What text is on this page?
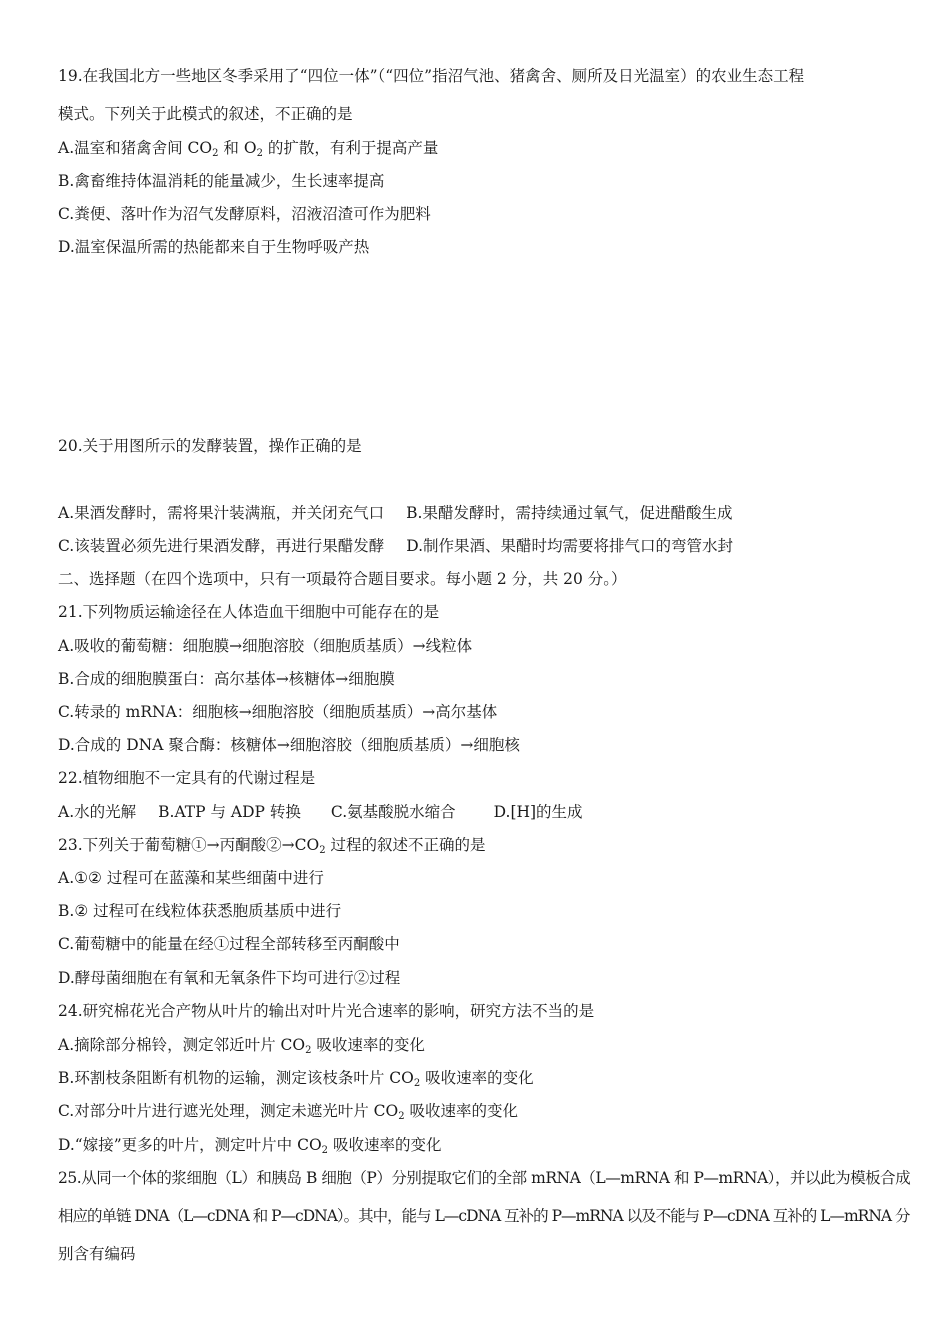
19.在我国北方一些地区冬季采用了“四位一体”（“四位”指沼气池、猪禽舍、厕所及日光温室）的农业生态工程
模式。下列关于此模式的叙述，不正确的是
A.温室和猪禽舍间 $CO_2$ 和 $O_2$ 的扩散，有利于提高产量
B.禽畜维持体温消耗的能量减少，生长速率提高
C.粪便、落叶作为沼气发酵原料，沼液沼渣可作为肥料
D.温室保温所需的热能都来自于生物呼吸产热
20.关于用图所示的发酵装置，操作正确的是
A.果酒发酵时，需将果汁装满瓶，并关闭充气口 B.果醋发酵时，需持续通过氧气，促进醋酸生成
C.该装置必须先进行果酒发酵，再进行果醋发酵 D.制作果酒、果醋时均需要将排气口的弯管水封
二、选择题（在四个选项中，只有一项最符合题目要求。每小题 2 分，共 20 分。）
21.下列物质运输途径在人体造血干细胞中可能存在的是
A.吸收的葡萄糖：细胞膜→细胞溶胶（细胞质基质）→线粒体
B.合成的细胞膜蛋白：高尔基体→核糖体→细胞膜
C.转录的 mRNA：细胞核→细胞溶胶（细胞质基质）→高尔基体
D.合成的 DNA 聚合酶：核糖体→细胞溶胶（细胞质基质）→细胞核
22.植物细胞不一定具有的代谢过程是
A.水的光解 B.ATP 与 ADP 转换 C.氨基酸脱水缩合 D.[H]的生成
23.下列关于葡萄糖①→丙酮酸$②\to CO_2$ 过程的叙述不正确的是
A.①② 过程可在蓝藻和某些细菌中进行
B.② 过程可在线粒体获悉胞质基质中进行
C.葡萄糖中的能量在经①过程全部转移至丙酮酸中
D.酵母菌细胞在有氧和无氧条件下均可进行②过程
24.研究棉花光合产物从叶片的输出对叶片光合速率的影响，研究方法不当的是
A.摘除部分棉铃，测定邻近叶片 $CO_2$ 吸收速率的变化
B.环割枝条阻断有机物的运输，测定该枝条叶片 $CO_2$ 吸收速率的变化
C.对部分叶片进行遮光处理，测定未遮光叶片 $CO_2$ 吸收速率的变化
D.“嫁接”更多的叶片，测定叶片中 $CO_2$ 吸收速率的变化
25.从同一个体的浆细胞（L）和胰岛 B 细胞（P）分别提取它们的全部 mRNA（L—mRNA 和 P—mRNA），并以此为模板合成
相应的单链 DNA（L—cDNA 和 P—cDNA）。其中，能与 L—cDNA 互补的 P—mRNA 以及不能与 P—cDNA 互补的 L—mRNA 分
别含有编码
